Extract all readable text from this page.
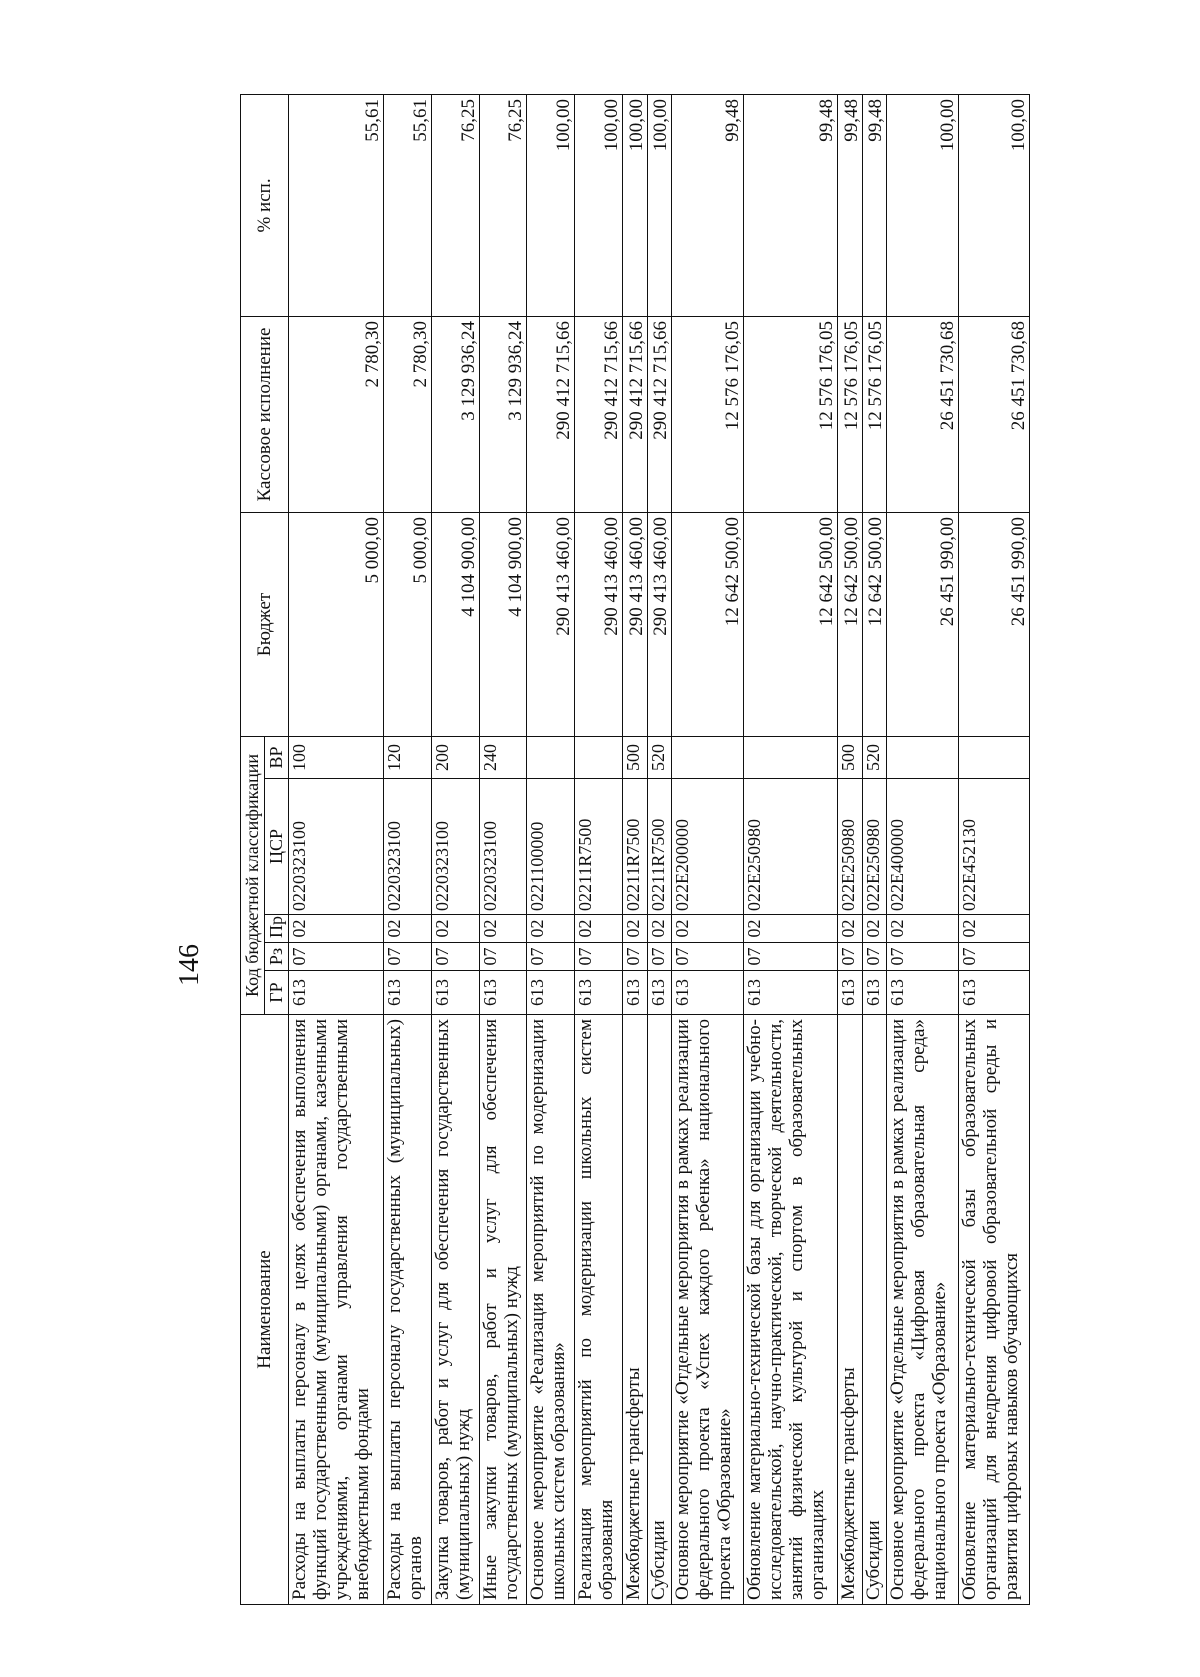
146
Наименование	Код бюджетной классификации					Бюджет	Кассовое исполнение	% исп.
	ГР	Рз	Пр	ЦСР	ВР			
Расходы на выплаты персоналу в целях обеспечения выполнения функций государственными (муниципальными) органами, казенными учреждениями, органами управления государственными внебюджетными фондами	613	07	02	0220323100	100	5 000,00	2 780,30	55,61
Расходы на выплаты персоналу государственных (муниципальных) органов	613	07	02	0220323100	120	5 000,00	2 780,30	55,61
Закупка товаров, работ и услуг для обеспечения государственных (муниципальных) нужд	613	07	02	0220323100	200	4 104 900,00	3 129 936,24	76,25
Иные закупки товаров, работ и услуг для обеспечения государственных (муниципальных) нужд	613	07	02	0220323100	240	4 104 900,00	3 129 936,24	76,25
Основное мероприятие «Реализация мероприятий по модернизации школьных систем образования»	613	07	02	0221100000		290 413 460,00	290 412 715,66	100,00
Реализация мероприятий по модернизации школьных систем образования	613	07	02	02211R7500		290 413 460,00	290 412 715,66	100,00
Межбюджетные трансферты	613	07	02	02211R7500	500	290 413 460,00	290 412 715,66	100,00
Субсидии	613	07	02	02211R7500	520	290 413 460,00	290 412 715,66	100,00
Основное мероприятие «Отдельные мероприятия в рамках реализации федерального проекта «Успех каждого ребенка» национального проекта «Образование»	613	07	02	022E200000		12 642 500,00	12 576 176,05	99,48
Обновление материально-технической базы для организации учебно-исследовательской, научно-практической, творческой деятельности, занятий физической культурой и спортом в образовательных организациях	613	07	02	022E250980		12 642 500,00	12 576 176,05	99,48
Межбюджетные трансферты	613	07	02	022E250980	500	12 642 500,00	12 576 176,05	99,48
Субсидии	613	07	02	022E250980	520	12 642 500,00	12 576 176,05	99,48
Основное мероприятие «Отдельные мероприятия в рамках реализации федерального проекта «Цифровая образовательная среда» национального проекта «Образование»	613	07	02	022E400000		26 451 990,00	26 451 730,68	100,00
Обновление материально-технической базы образовательных организаций для внедрения цифровой образовательной среды и развития цифровых навыков обучающихся	613	07	02	022E452130		26 451 990,00	26 451 730,68	100,00
